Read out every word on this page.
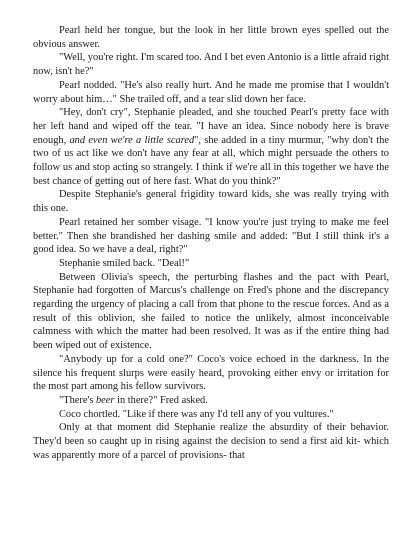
Pearl held her tongue, but the look in her little brown eyes spelled out the obvious answer.

"Well, you're right. I'm scared too. And I bet even Antonio is a little afraid right now, isn't he?"

Pearl nodded. "He's also really hurt. And he made me promise that I wouldn't worry about him…" She trailed off, and a tear slid down her face.

"Hey, don't cry", Stephanie pleaded, and she touched Pearl's pretty face with her left hand and wiped off the tear. "I have an idea. Since nobody here is brave enough, and even we're a little scared", she added in a tiny murmur, "why don't the two of us act like we don't have any fear at all, which might persuade the others to follow us and stop acting so strangely. I think if we're all in this together we have the best chance of getting out of here fast. What do you think?"

Despite Stephanie's general frigidity toward kids, she was really trying with this one.

Pearl retained her somber visage. "I know you're just trying to make me feel better." Then she brandished her dashing smile and added: "But I still think it's a good idea. So we have a deal, right?"

Stephanie smiled back. "Deal!"

Between Olivia's speech, the perturbing flashes and the pact with Pearl, Stephanie had forgotten of Marcus's challenge on Fred's phone and the discrepancy regarding the urgency of placing a call from that phone to the rescue forces. And as a result of this oblivion, she failed to notice the unlikely, almost inconceivable calmness with which the matter had been resolved. It was as if the entire thing had been wiped out of existence.

"Anybody up for a cold one?" Coco's voice echoed in the darkness. In the silence his frequent slurps were easily heard, provoking either envy or irritation for the most part among his fellow survivors.

"There's beer in there?" Fred asked.

Coco chortled. "Like if there was any I'd tell any of you vultures."

Only at that moment did Stephanie realize the absurdity of their behavior. They'd been so caught up in rising against the decision to send a first aid kit- which was apparently more of a parcel of provisions- that
